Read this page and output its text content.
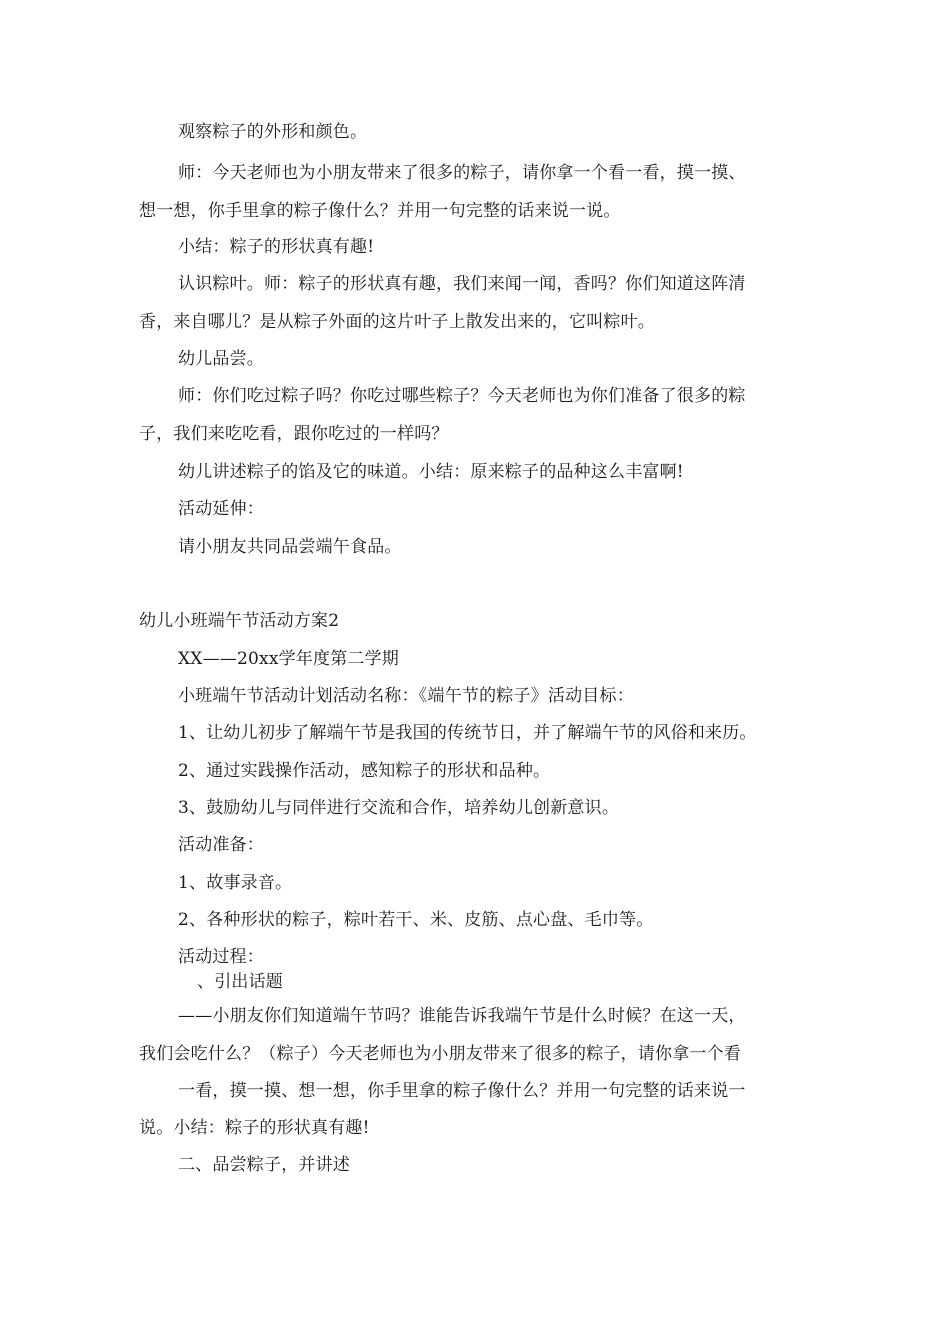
观察粽子的外形和颜色。
师：今天老师也为小朋友带来了很多的粽子，请你拿一个看一看，摸一摸、
想一想，你手里拿的粽子像什么？并用一句完整的话来说一说。
小结：粽子的形状真有趣!
认识粽叶。师：粽子的形状真有趣，我们来闻一闻，香吗？你们知道这阵清
香，来自哪儿？是从粽子外面的这片叶子上散发出来的，它叫粽叶。
幼儿品尝。
师：你们吃过粽子吗？你吃过哪些粽子？今天老师也为你们准备了很多的粽
子，我们来吃吃看，跟你吃过的一样吗？
幼儿讲述粽子的馅及它的味道。小结：原来粽子的品种这么丰富啊!
活动延伸：
请小朋友共同品尝端午食品。
幼儿小班端午节活动方案2
XX——20xx学年度第二学期
小班端午节活动计划活动名称：《端午节的粽子》活动目标：
1、让幼儿初步了解端午节是我国的传统节日，并了解端午节的风俗和来历。
2、通过实践操作活动，感知粽子的形状和品种。
3、鼓励幼儿与同伴进行交流和合作，培养幼儿创新意识。
活动准备：
1、故事录音。
2、各种形状的粽子，粽叶若干、米、皮筋、点心盘、毛巾等。
活动过程：
、引出话题
——小朋友你们知道端午节吗？谁能告诉我端午节是什么时候？在这一天，
我们会吃什么？（粽子）今天老师也为小朋友带来了很多的粽子，请你拿一个看
一看，摸一摸、想一想，你手里拿的粽子像什么？并用一句完整的话来说一
说。小结：粽子的形状真有趣!
二、品尝粽子，并讲述
